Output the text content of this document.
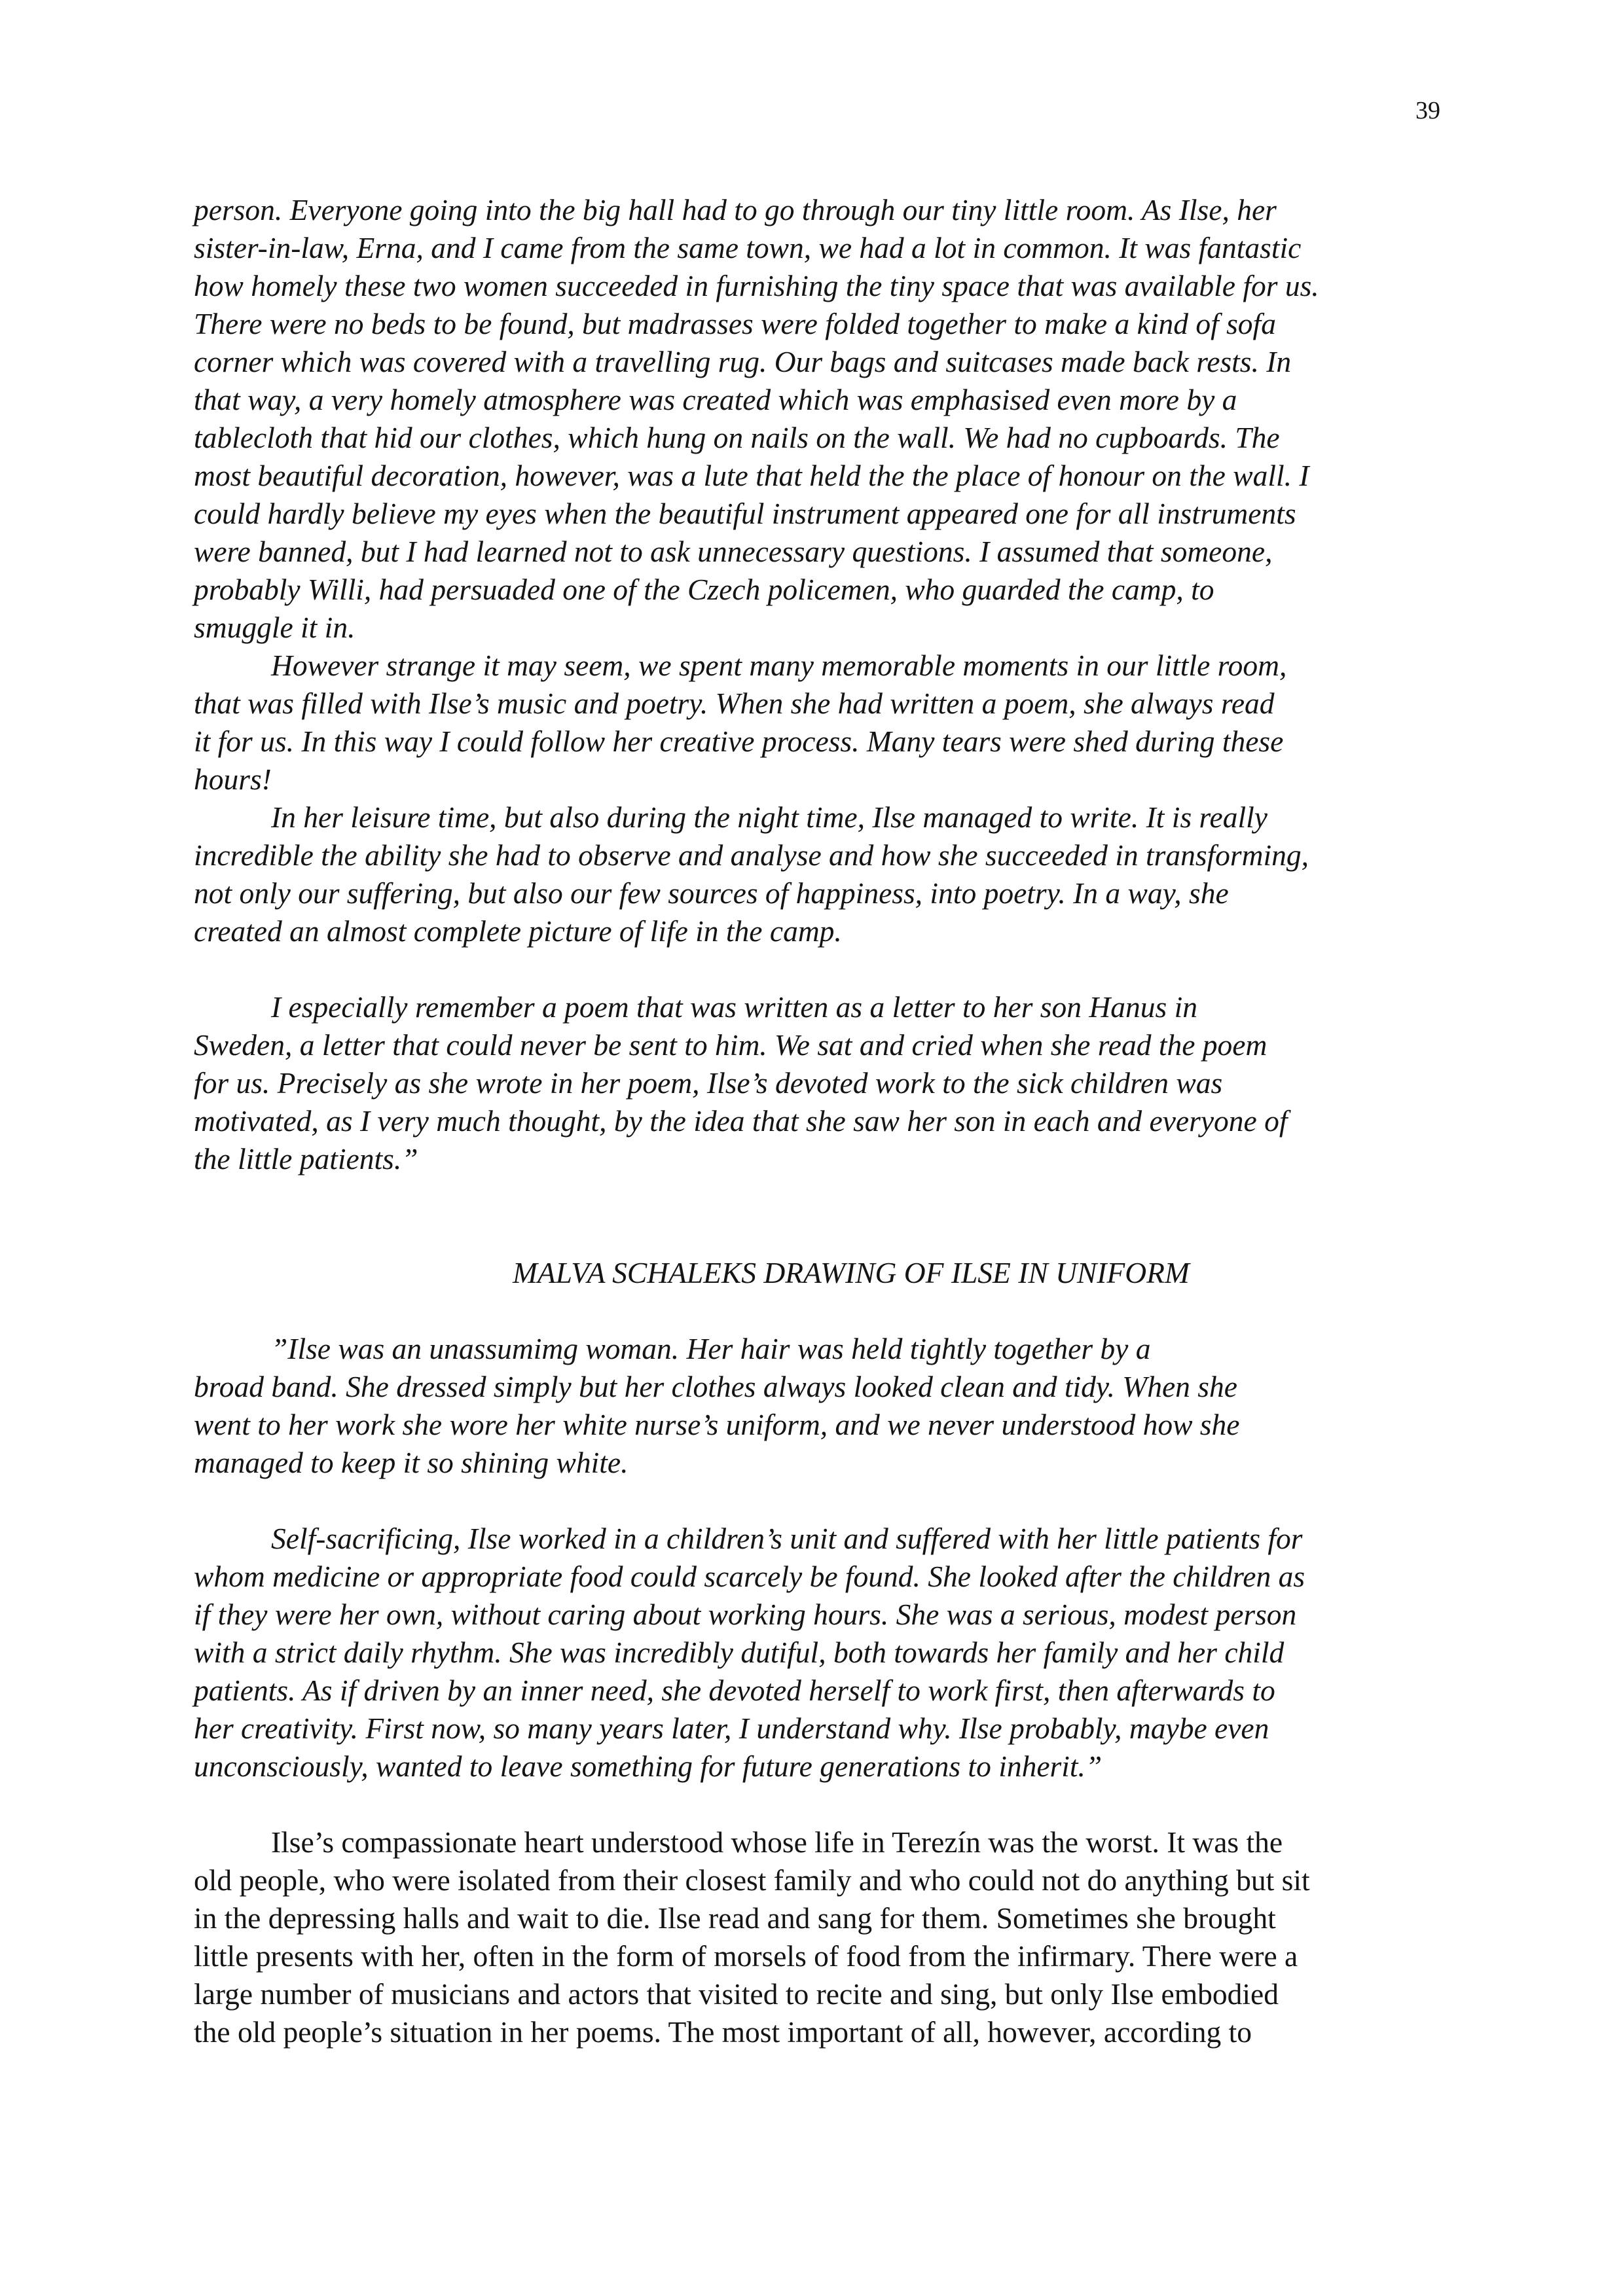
39
person. Everyone going into the big hall had to go through our tiny little room. As Ilse, her
sister-in-law, Erna, and I came from the same town, we had a lot in common. It was fantastic
how homely these two women succeeded in furnishing the tiny space that was available for us.
There were no beds to be found, but madrasses were folded together to make a kind of sofa
corner which was covered with a travelling rug. Our bags and suitcases made back rests. In
that way, a very homely atmosphere was created which was emphasised even more by a
tablecloth that hid our clothes, which hung on nails on the wall. We had no cupboards. The
most beautiful decoration, however, was a lute that held the the place of honour on the wall. I
could hardly believe my eyes when the beautiful instrument appeared one for all instruments
were banned, but I had learned not to ask unnecessary questions. I assumed that someone,
probably Willi, had persuaded one of the Czech policemen, who guarded the camp, to
smuggle it in.
However strange it may seem, we spent many memorable moments in our little room,
that was filled with Ilse’s music and poetry. When she had written a poem, she always read
it for us. In this way I could follow her creative process. Many tears were shed during these
hours!
In her leisure time, but also during the night time, Ilse managed to write. It is really
incredible the ability she had to observe and analyse and how she succeeded in transforming,
not only our suffering, but also our few sources of happiness, into poetry. In a way, she
created an almost complete picture of life in the camp.
I especially remember a poem that was written as a letter to her son Hanus in
Sweden, a letter that could never be sent to him. We sat and cried when she read the poem
for us. Precisely as she wrote in her poem, Ilse’s devoted work to the sick children was
motivated, as I very much thought, by the idea that she saw her son in each and everyone of
the little patients.”
MALVA SCHALEKS DRAWING OF ILSE IN UNIFORM
”Ilse was an unassumimg woman. Her hair was held tightly together by a
broad band. She dressed simply but her clothes always looked clean and tidy. When she
went to her work she wore her white nurse’s uniform, and we never understood how she
managed to keep it so shining white.
Self-sacrificing, Ilse worked in a children’s unit and suffered with her little patients for
whom medicine or appropriate food could scarcely be found. She looked after the children as
if they were her own, without caring about working hours. She was a serious, modest person
with a strict daily rhythm. She was incredibly dutiful, both towards her family and her child
patients. As if driven by an inner need, she devoted herself to work first, then afterwards to
her creativity. First now, so many years later, I understand why. Ilse probably, maybe even
unconsciously, wanted to leave something for future generations to inherit.”
Ilse’s compassionate heart understood whose life in Terezín was the worst. It was the
old people, who were isolated from their closest family and who could not do anything but sit
in the depressing halls and wait to die. Ilse read and sang for them. Sometimes she brought
little presents with her, often in the form of morsels of food from the infirmary. There were a
large number of musicians and actors that visited to recite and sing, but only Ilse embodied
the old people’s situation in her poems. The most important of all, however, according to
